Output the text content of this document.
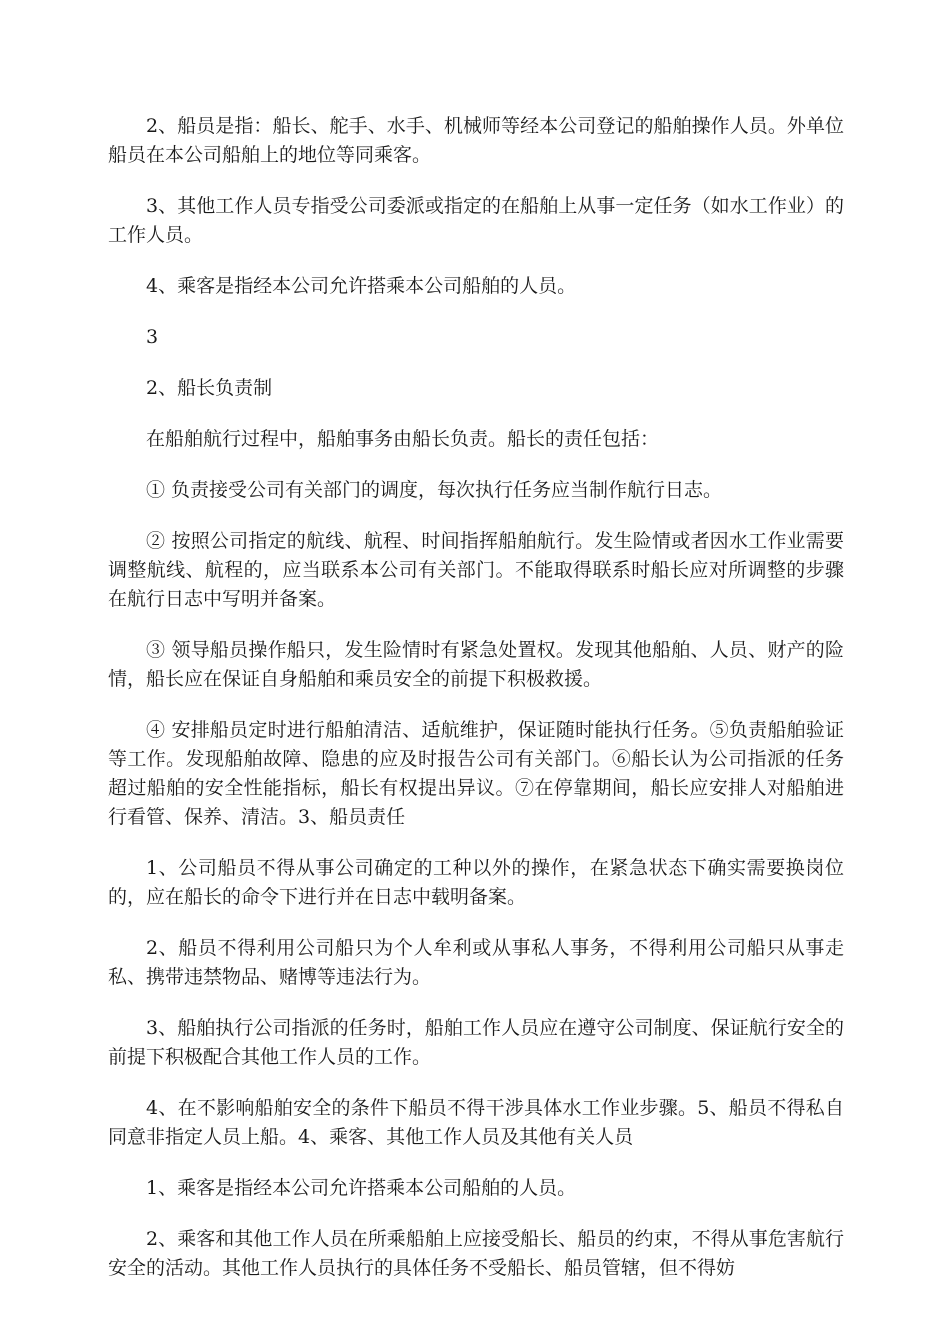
2、船员是指：船长、舵手、水手、机械师等经本公司登记的船舶操作人员。外单位船员在本公司船舶上的地位等同乘客。

3、其他工作人员专指受公司委派或指定的在船舶上从事一定任务（如水工作业）的工作人员。

4、乘客是指经本公司允许搭乘本公司船舶的人员。

3

2、船长负责制

在船舶航行过程中，船舶事务由船长负责。船长的责任包括：

① 负责接受公司有关部门的调度，每次执行任务应当制作航行日志。

② 按照公司指定的航线、航程、时间指挥船舶航行。发生险情或者因水工作业需要调整航线、航程的，应当联系本公司有关部门。不能取得联系时船长应对所调整的步骤在航行日志中写明并备案。

③ 领导船员操作船只，发生险情时有紧急处置权。发现其他船舶、人员、财产的险情，船长应在保证自身船舶和乘员安全的前提下积极救援。

④ 安排船员定时进行船舶清洁、适航维护，保证随时能执行任务。⑤负责船舶验证等工作。发现船舶故障、隐患的应及时报告公司有关部门。⑥船长认为公司指派的任务超过船舶的安全性能指标，船长有权提出异议。⑦在停靠期间，船长应安排人对船舶进行看管、保养、清洁。3、船员责任

1、公司船员不得从事公司确定的工种以外的操作，在紧急状态下确实需要换岗位的，应在船长的命令下进行并在日志中载明备案。

2、船员不得利用公司船只为个人牟利或从事私人事务，不得利用公司船只从事走私、携带违禁物品、赌博等违法行为。

3、船舶执行公司指派的任务时，船舶工作人员应在遵守公司制度、保证航行安全的前提下积极配合其他工作人员的工作。

4、在不影响船舶安全的条件下船员不得干涉具体水工作业步骤。5、船员不得私自同意非指定人员上船。4、乘客、其他工作人员及其他有关人员

1、乘客是指经本公司允许搭乘本公司船舶的人员。

2、乘客和其他工作人员在所乘船舶上应接受船长、船员的约束，不得从事危害航行安全的活动。其他工作人员执行的具体任务不受船长、船员管辖，但不得妨
